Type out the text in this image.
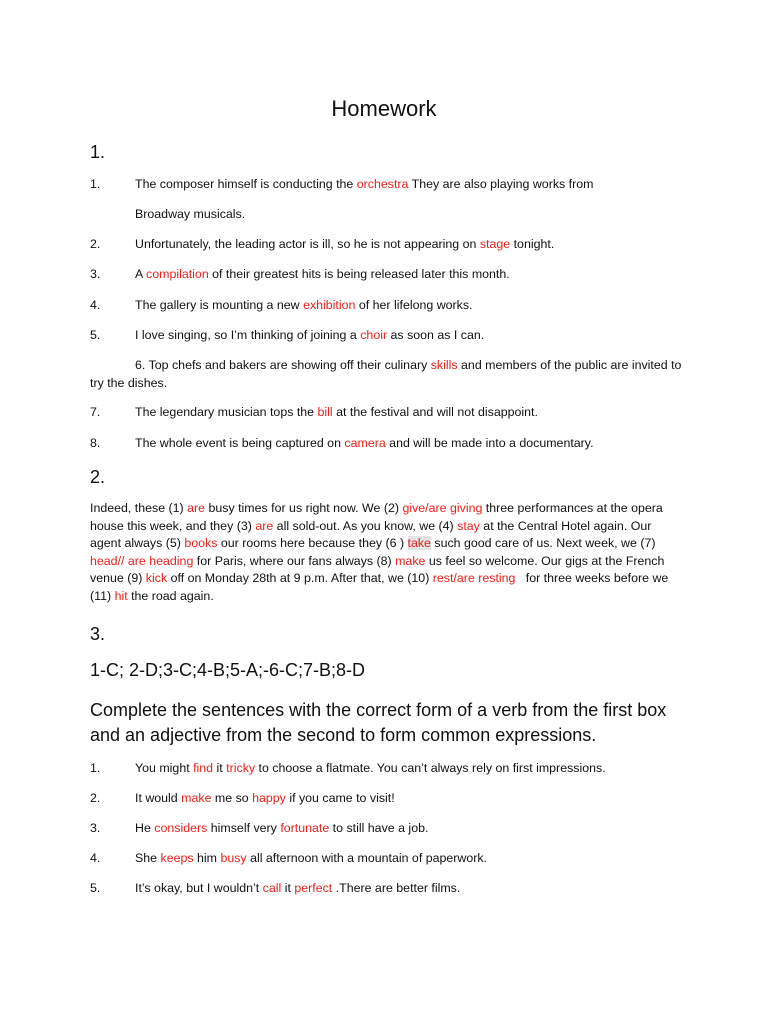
Homework
1.
1.	The composer himself is conducting the orchestra They are also playing works from
Broadway musicals.
2.	Unfortunately, the leading actor is ill, so he is not appearing on stage tonight.
3.	A compilation of their greatest hits is being released later this month.
4.	The gallery is mounting a new exhibition of her lifelong works.
5.	I love singing, so I’m thinking of joining a choir as soon as I can.
6. Top chefs and bakers are showing off their culinary skills and members of the public are invited to try the dishes.
7.	The legendary musician tops the bill at the festival and will not disappoint.
8.	The whole event is being captured on camera and will be made into a documentary.
2.
Indeed, these (1) are busy times for us right now. We (2) give/are giving three performances at the opera house this week, and they (3) are all sold-out. As you know, we (4) stay at the Central Hotel again. Our agent always (5) books our rooms here because they (6 ) take such good care of us. Next week, we (7) head// are heading for Paris, where our fans always (8) make us feel so welcome. Our gigs at the French venue (9) kick off on Monday 28th at 9 p.m. After that, we (10) rest/are resting   for three weeks before we (11) hit the road again.
3.
1-C; 2-D;3-C;4-B;5-A;-6-C;7-B;8-D
Complete the sentences with the correct form of a verb from the first box and an adjective from the second to form common expressions.
1.	You might find it tricky to choose a flatmate. You can’t always rely on first impressions.
2.	It would make me so happy if you came to visit!
3.	He considers himself very fortunate to still have a job.
4.	She keeps him busy all afternoon with a mountain of paperwork.
5.	It’s okay, but I wouldn’t call it perfect .There are better films.
